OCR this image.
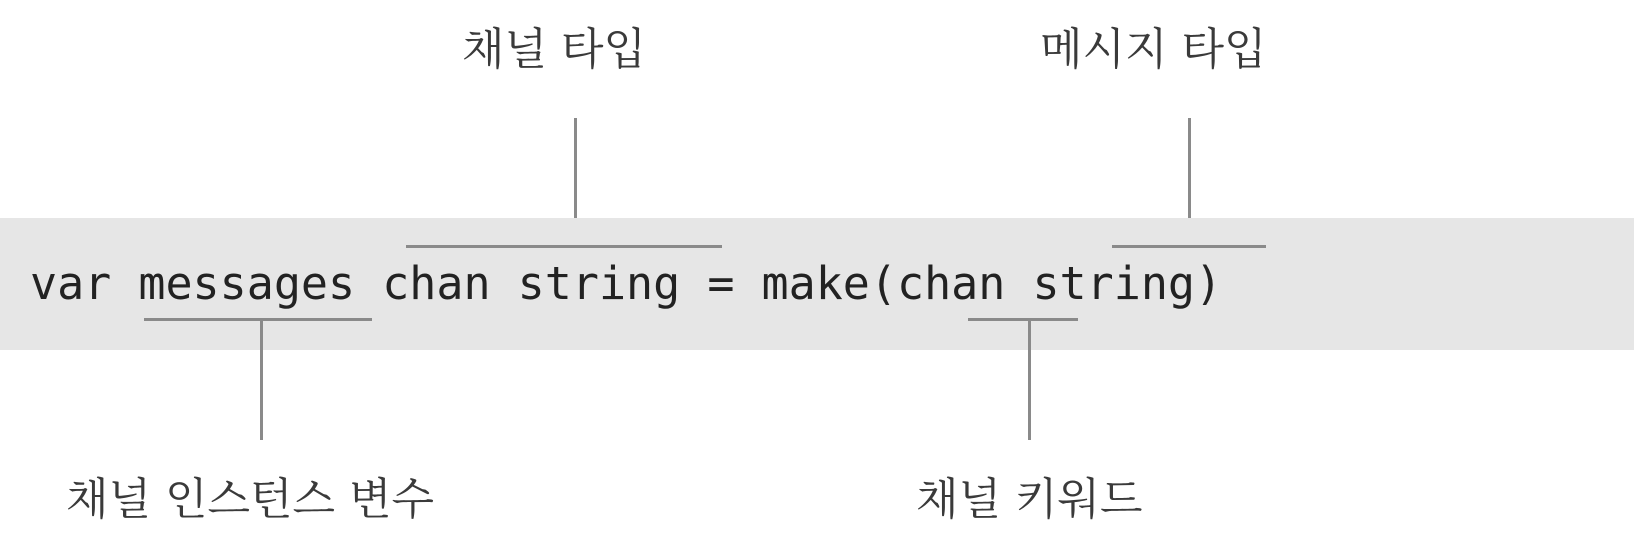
채널 타입	메시지 타입
var messages chan string = make(chan string)
채널 인스턴스 변수	채널 키워드
